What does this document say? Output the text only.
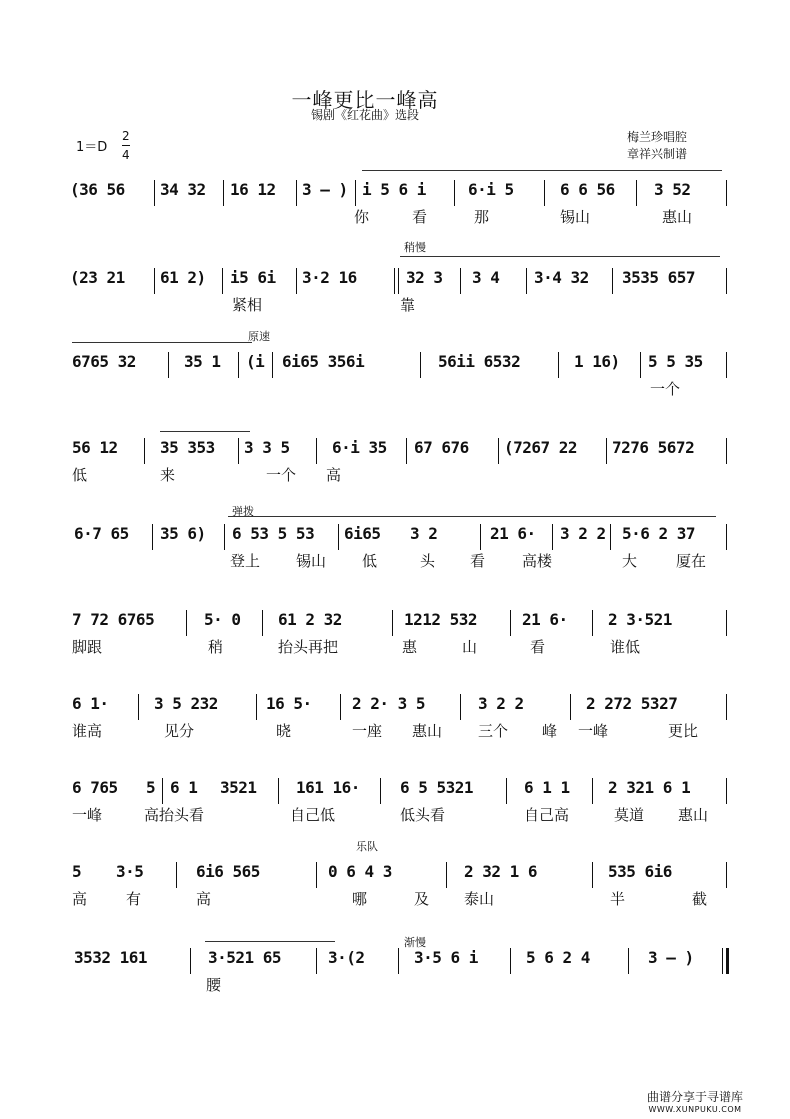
一峰更比一峰高
锡剧《红花曲》选段
$1=D \frac{2}{4}$	梅兰珍唱腔
章祥兴制谱
稍慢
原速
弹拨
乐队
渐慢
(36 56 34 32 16 12 3 – ) i 5 6 i	6·i 5	6 6 56 3 52
你	看	那	锡山	惠山
(23 21 61 2) i5 6i 3·2 16	32 3 3 4 3·4 32 3535 657
紧相	靠
6765 32	35 1 (i 6i65 356i	56ii 6532	1 16) 5 5 35
一个
56 12	35 353 3 3 5	6·i 35 67 676 (7267 22 7276 5672
低	来	一个 高
6·7 65 35 6) 6 53 5 53 6i65 3 2	21 6· 3 2 2 5·6 2 37
登上 锡山 低	头 看 高楼	大	厦在
7 72 6765	5· 0 61 2 32	1212 532	21 6·	2 3·521
脚跟	稍	抬头再把	惠	山	看	谁低
6 1·	3 5 232	16 5·	2 2· 3 5	3 2 2	2 272 5327
谁高	见分	晓	一座 惠山 三个 峰 一峰	更比
6 765 5 6 1 3521 161 16·	6 5 5321	6 1 1 2 321 6 1
一峰	高抬头看	自己低	低头看	自己高	莫道 惠山
5 3·5	6i6 565	0 6 4 3	2 32 1 6	535 6i6
高	有	高	哪	及 泰山	半	截
3532 161	3·521 65	3·(2	3·5 6 i	5 6 2 4	3 – )
腰
曲谱分享于寻谱库
WWW.XUNPUKU.COM
